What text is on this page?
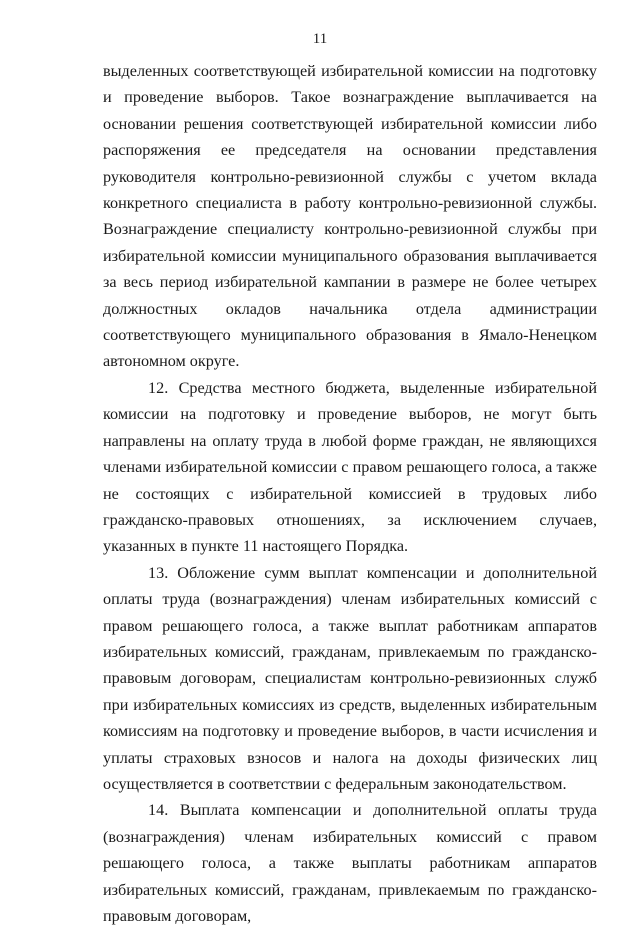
11

выделенных соответствующей избирательной комиссии на подготовку и проведение выборов. Такое вознаграждение выплачивается на основании решения соответствующей избирательной комиссии либо распоряжения ее председателя на основании представления руководителя контрольно-ревизионной службы с учетом вклада конкретного специалиста в работу контрольно-ревизионной службы. Вознаграждение специалисту контрольно-ревизионной службы при избирательной комиссии муниципального образования выплачивается за весь период избирательной кампании в размере не более четырех должностных окладов начальника отдела администрации соответствующего муниципального образования в Ямало-Ненецком автономном округе.

12. Средства местного бюджета, выделенные избирательной комиссии на подготовку и проведение выборов, не могут быть направлены на оплату труда в любой форме граждан, не являющихся членами избирательной комиссии с правом решающего голоса, а также не состоящих с избирательной комиссией в трудовых либо гражданско-правовых отношениях, за исключением случаев, указанных в пункте 11 настоящего Порядка.

13. Обложение сумм выплат компенсации и дополнительной оплаты труда (вознаграждения) членам избирательных комиссий с правом решающего голоса, а также выплат работникам аппаратов избирательных комиссий, гражданам, привлекаемым по гражданско-правовым договорам, специалистам контрольно-ревизионных служб при избирательных комиссиях из средств, выделенных избирательным комиссиям на подготовку и проведение выборов, в части исчисления и уплаты страховых взносов и налога на доходы физических лиц осуществляется в соответствии с федеральным законодательством.

14. Выплата компенсации и дополнительной оплаты труда (вознаграждения) членам избирательных комиссий с правом решающего голоса, а также выплаты работникам аппаратов избирательных комиссий, гражданам, привлекаемым по гражданско-правовым договорам,
